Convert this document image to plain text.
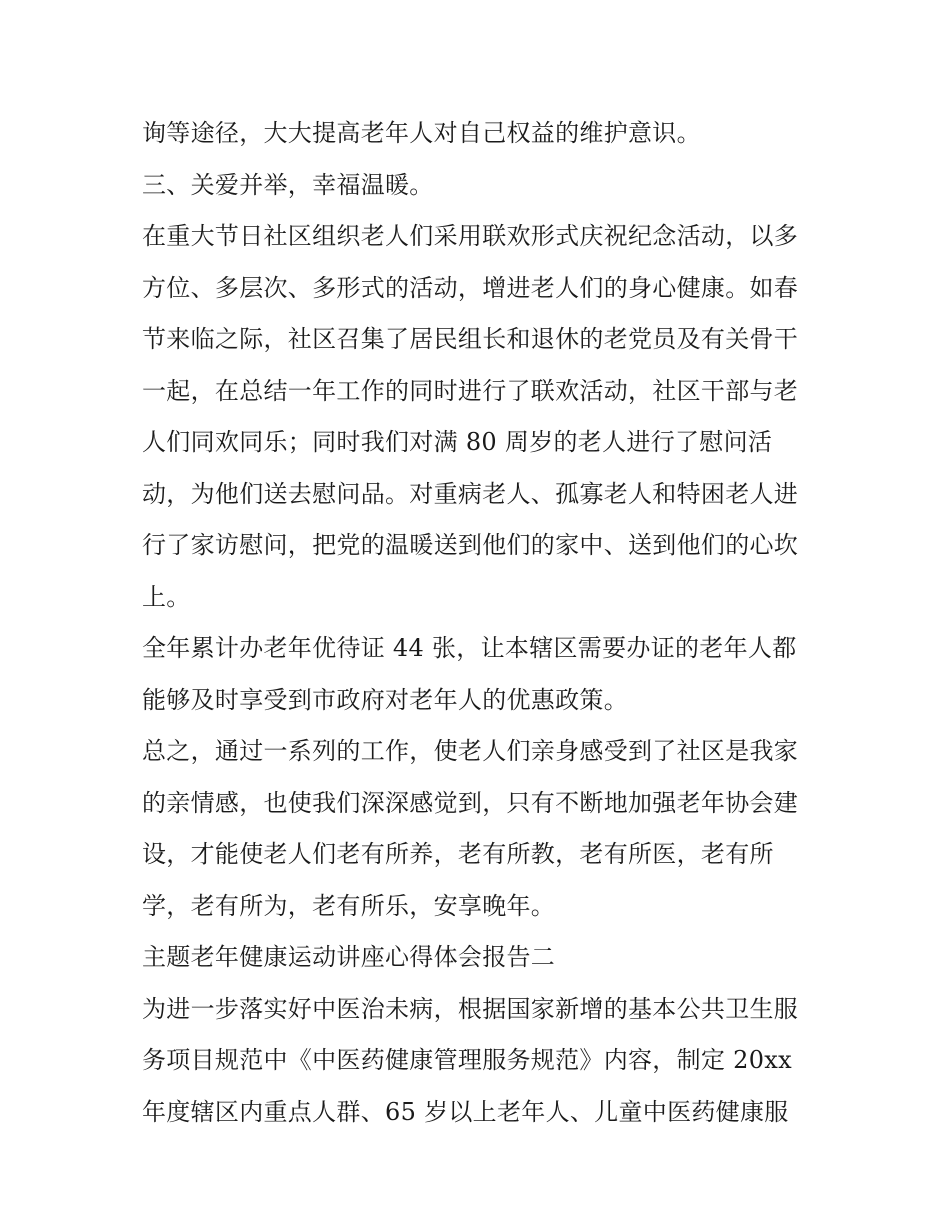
询等途径，大大提高老年人对自己权益的维护意识。
三、关爱并举，幸福温暖。
在重大节日社区组织老人们采用联欢形式庆祝纪念活动，以多
方位、多层次、多形式的活动，增进老人们的身心健康。如春
节来临之际，社区召集了居民组长和退休的老党员及有关骨干
一起，在总结一年工作的同时进行了联欢活动，社区干部与老
人们同欢同乐；同时我们对满 80 周岁的老人进行了慰问活
动，为他们送去慰问品。对重病老人、孤寡老人和特困老人进
行了家访慰问，把党的温暖送到他们的家中、送到他们的心坎
上。
全年累计办老年优待证 44 张，让本辖区需要办证的老年人都
能够及时享受到市政府对老年人的优惠政策。
总之，通过一系列的工作，使老人们亲身感受到了社区是我家
的亲情感，也使我们深深感觉到，只有不断地加强老年协会建
设，才能使老人们老有所养，老有所教，老有所医，老有所
学，老有所为，老有所乐，安享晚年。
主题老年健康运动讲座心得体会报告二
为进一步落实好中医治未病，根据国家新增的基本公共卫生服
务项目规范中《中医药健康管理服务规范》内容，制定 20xx
年度辖区内重点人群、65 岁以上老年人、儿童中医药健康服
